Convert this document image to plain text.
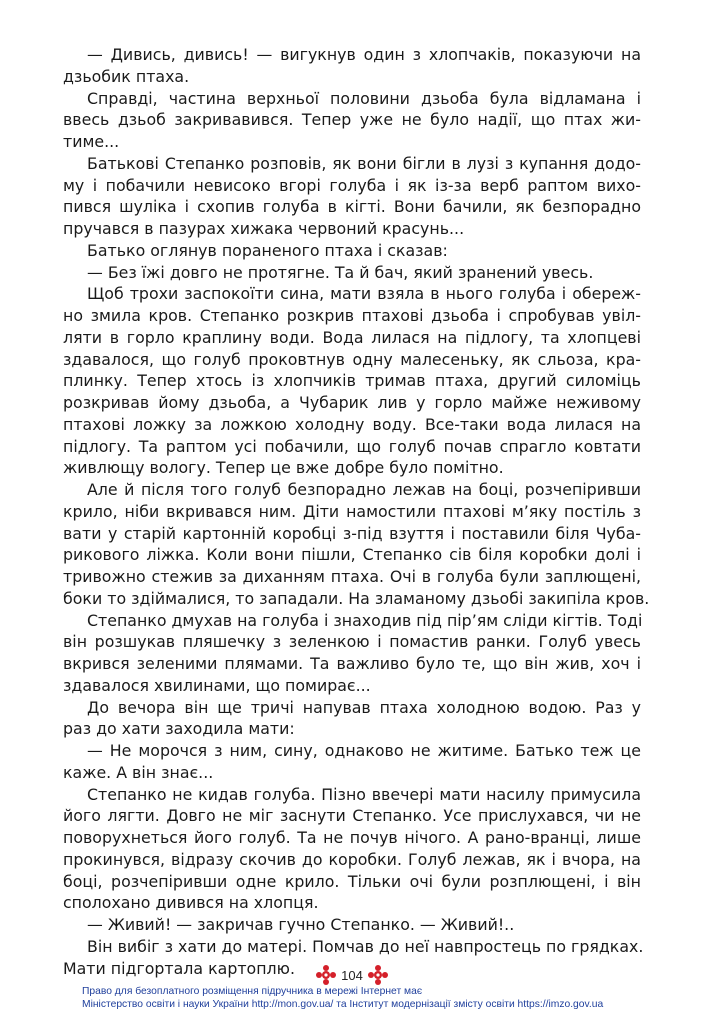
— Дивись, дивись! — вигукнув один з хлопчаків, показуючи на
дзьобик птаха.
Справді, частина верхньої половини дзьоба була відламана і
ввесь дзьоб закривавився. Тепер уже не було надії, що птах жи-
тиме...
Батькові Степанко розповів, як вони бігли в лузі з купання додо-
му і побачили невисоко вгорі голуба і як із-за верб раптом вихо-
пився шуліка і схопив голуба в кігті. Вони бачили, як безпорадно
пручався в пазурах хижака червоний красунь...
Батько оглянув пораненого птаха і сказав:
— Без їжі довго не протягне. Та й бач, який зранений увесь.
Щоб трохи заспокоїти сина, мати взяла в нього голуба і обереж-
но змила кров. Степанко розкрив птахові дзьоба і спробував увіл-
ляти в горло краплину води. Вода лилася на підлогу, та хлопцеві
здавалося, що голуб проковтнув одну малесеньку, як сльоза, кра-
плинку. Тепер хтось із хлопчиків тримав птаха, другий силоміць
розкривав йому дзьоба, а Чубарик лив у горло майже неживому
птахові ложку за ложкою холодну воду. Все-таки вода лилася на
підлогу. Та раптом усі побачили, що голуб почав спрагло ковтати
живлющу вологу. Тепер це вже добре було помітно.
Але й після того голуб безпорадно лежав на боці, розчепіривши
крило, ніби вкривався ним. Діти намостили птахові м’яку постіль з
вати у старій картонній коробці з-під взуття і поставили біля Чуба-
рикового ліжка. Коли вони пішли, Степанко сів біля коробки долі і
тривожно стежив за диханням птаха. Очі в голуба були заплющені,
боки то здіймалися, то западали. На зламаному дзьобі закипіла кров.
Степанко дмухав на голуба і знаходив під пір’ям сліди кігтів. Тоді
він розшукав пляшечку з зеленкою і помастив ранки. Голуб увесь
вкрився зеленими плямами. Та важливо було те, що він жив, хоч і
здавалося хвилинами, що помирає...
До вечора він ще тричі напував птаха холодною водою. Раз у
раз до хати заходила мати:
— Не морочся з ним, сину, однаково не житиме. Батько теж це
каже. А він знає...
Степанко не кидав голуба. Пізно ввечері мати насилу примусила
його лягти. Довго не міг заснути Степанко. Усе прислухався, чи не
поворухнеться його голуб. Та не почув нічого. А рано-вранці, лише
прокинувся, відразу скочив до коробки. Голуб лежав, як і вчора, на
боці, розчепіривши одне крило. Тільки очі були розплющені, і він
сполохано дивився на хлопця.
— Живий! — закричав гучно Степанко. — Живий!..
Він вибіг з хати до матері. Помчав до неї навпростець по грядках.
Мати підгортала картоплю.	104
Право для безоплатного розміщення підручника в мережі Інтернет має
Міністерство освіти і науки України http://mon.gov.ua/ та Інститут модернізації змісту освіти https://imzo.gov.ua
